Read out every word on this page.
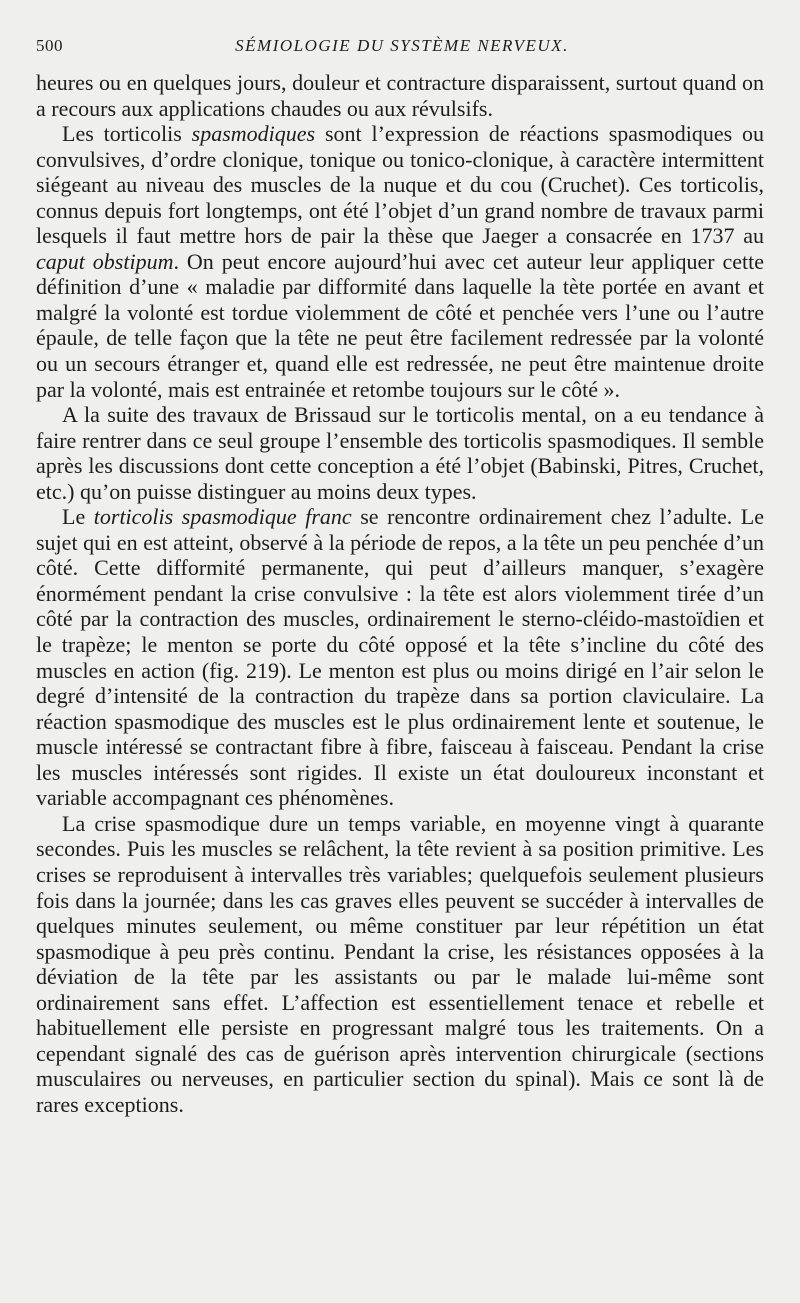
500	SÉMIOLOGIE DU SYSTÈME NERVEUX.

heures ou en quelques jours, douleur et contracture disparaissent, surtout quand on a recours aux applications chaudes ou aux révulsifs.

Les torticolis spasmodiques sont l’expression de réactions spasmodiques ou convulsives, d’ordre clonique, tonique ou tonico-clonique, à caractère intermittent siégeant au niveau des muscles de la nuque et du cou (Cruchet). Ces torticolis, connus depuis fort longtemps, ont été l’objet d’un grand nombre de travaux parmi lesquels il faut mettre hors de pair la thèse que Jaeger a consacrée en 1737 au caput obstipum. On peut encore aujourd’hui avec cet auteur leur appliquer cette définition d’une « maladie par difformité dans laquelle la tète portée en avant et malgré la volonté est tordue violemment de côté et penchée vers l’une ou l’autre épaule, de telle façon que la tête ne peut être facilement redressée par la volonté ou un secours étranger et, quand elle est redressée, ne peut être maintenue droite par la volonté, mais est entrainée et retombe toujours sur le côté ».

A la suite des travaux de Brissaud sur le torticolis mental, on a eu tendance à faire rentrer dans ce seul groupe l’ensemble des torticolis spasmodiques. Il semble après les discussions dont cette conception a été l’objet (Babinski, Pitres, Cruchet, etc.) qu’on puisse distinguer au moins deux types.

Le torticolis spasmodique franc se rencontre ordinairement chez l’adulte. Le sujet qui en est atteint, observé à la période de repos, a la tête un peu penchée d’un côté. Cette difformité permanente, qui peut d’ailleurs manquer, s’exagère énormément pendant la crise convulsive : la tête est alors violemment tirée d’un côté par la contraction des muscles, ordinairement le sterno-cléido-mastoïdien et le trapèze; le menton se porte du côté opposé et la tête s’incline du côté des muscles en action (fig. 219). Le menton est plus ou moins dirigé en l’air selon le degré d’intensité de la contraction du trapèze dans sa portion claviculaire. La réaction spasmodique des muscles est le plus ordinairement lente et soutenue, le muscle intéressé se contractant fibre à fibre, faisceau à faisceau. Pendant la crise les muscles intéressés sont rigides. Il existe un état douloureux inconstant et variable accompagnant ces phénomènes.

La crise spasmodique dure un temps variable, en moyenne vingt à quarante secondes. Puis les muscles se relâchent, la tête revient à sa position primitive. Les crises se reproduisent à intervalles très variables; quelquefois seulement plusieurs fois dans la journée; dans les cas graves elles peuvent se succéder à intervalles de quelques minutes seulement, ou même constituer par leur répétition un état spasmodique à peu près continu. Pendant la crise, les résistances opposées à la déviation de la tête par les assistants ou par le malade lui-même sont ordinairement sans effet. L’affection est essentiellement tenace et rebelle et habituellement elle persiste en progressant malgré tous les traitements. On a cependant signalé des cas de guérison après intervention chirurgicale (sections musculaires ou nerveuses, en particulier section du spinal). Mais ce sont là de rares exceptions.
